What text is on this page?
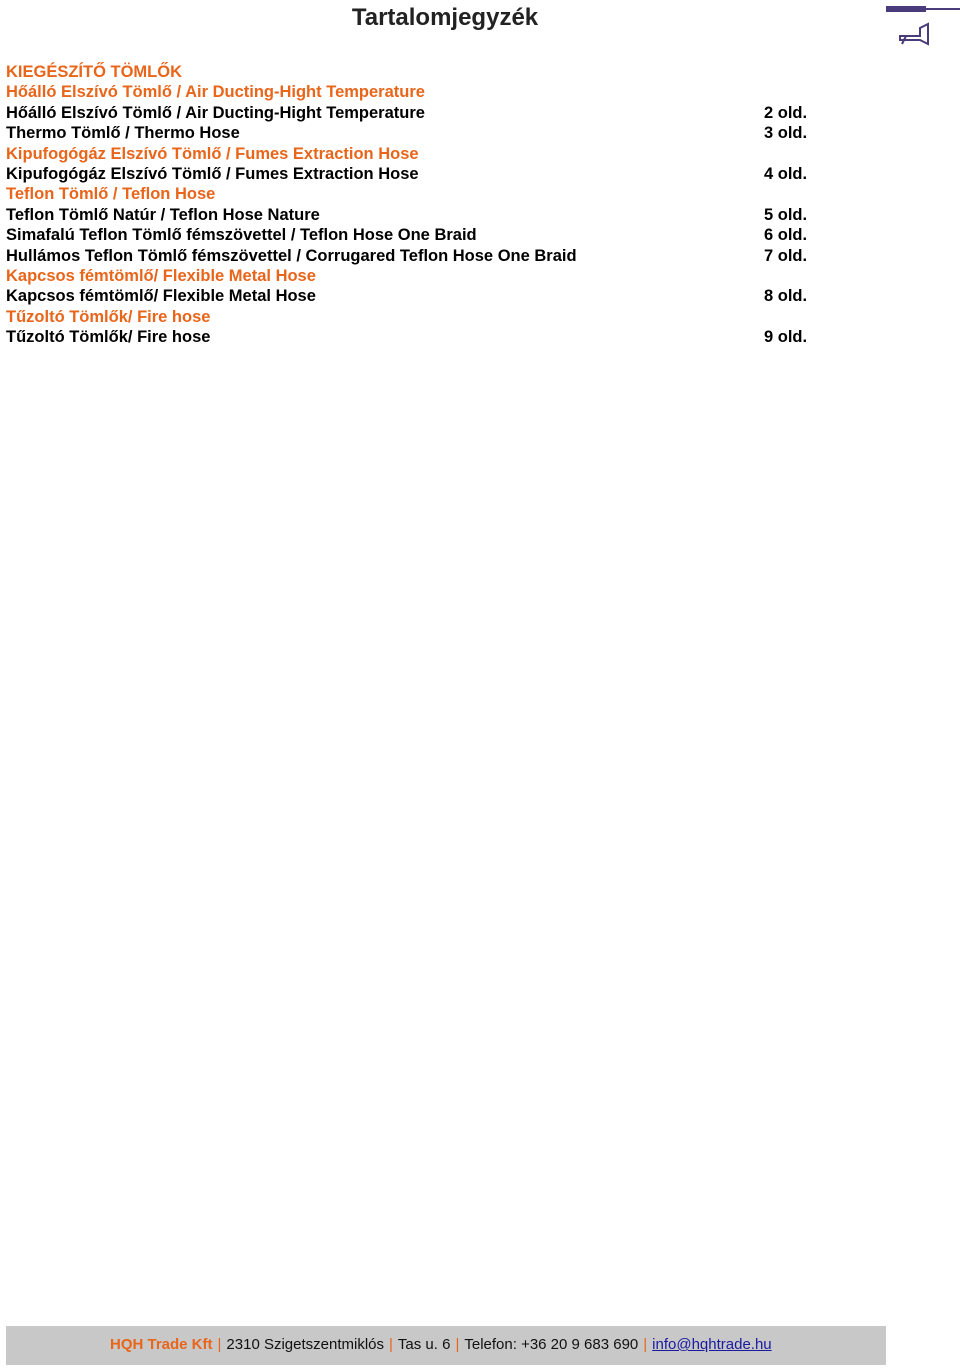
Tartalomjegyzék
KIEGÉSZÍTŐ TÖMLŐK
Hőálló Elszívó Tömlő / Air Ducting-Hight Temperature
Hőálló Elszívó Tömlő / Air Ducting-Hight Temperature	2 old.
Thermo Tömlő / Thermo Hose	3 old.
Kipufogógáz Elszívó Tömlő / Fumes Extraction Hose
Kipufogógáz Elszívó Tömlő / Fumes Extraction Hose	4 old.
Teflon Tömlő / Teflon Hose
Teflon Tömlő Natúr / Teflon Hose Nature	5 old.
Simafalú Teflon Tömlő fémszövettel / Teflon Hose One Braid	6 old.
Hullámos Teflon Tömlő fémszövettel / Corrugared Teflon Hose One Braid	7 old.
Kapcsos fémtömlő/ Flexible Metal Hose
Kapcsos fémtömlő/ Flexible Metal Hose	8 old.
Tűzoltó Tömlők/ Fire hose
Tűzoltó Tömlők/ Fire hose	9 old.
HQH Trade Kft | 2310 Szigetszentmiklós | Tas u. 6 | Telefon: +36 20 9 683 690 | info@hqhtrade.hu
